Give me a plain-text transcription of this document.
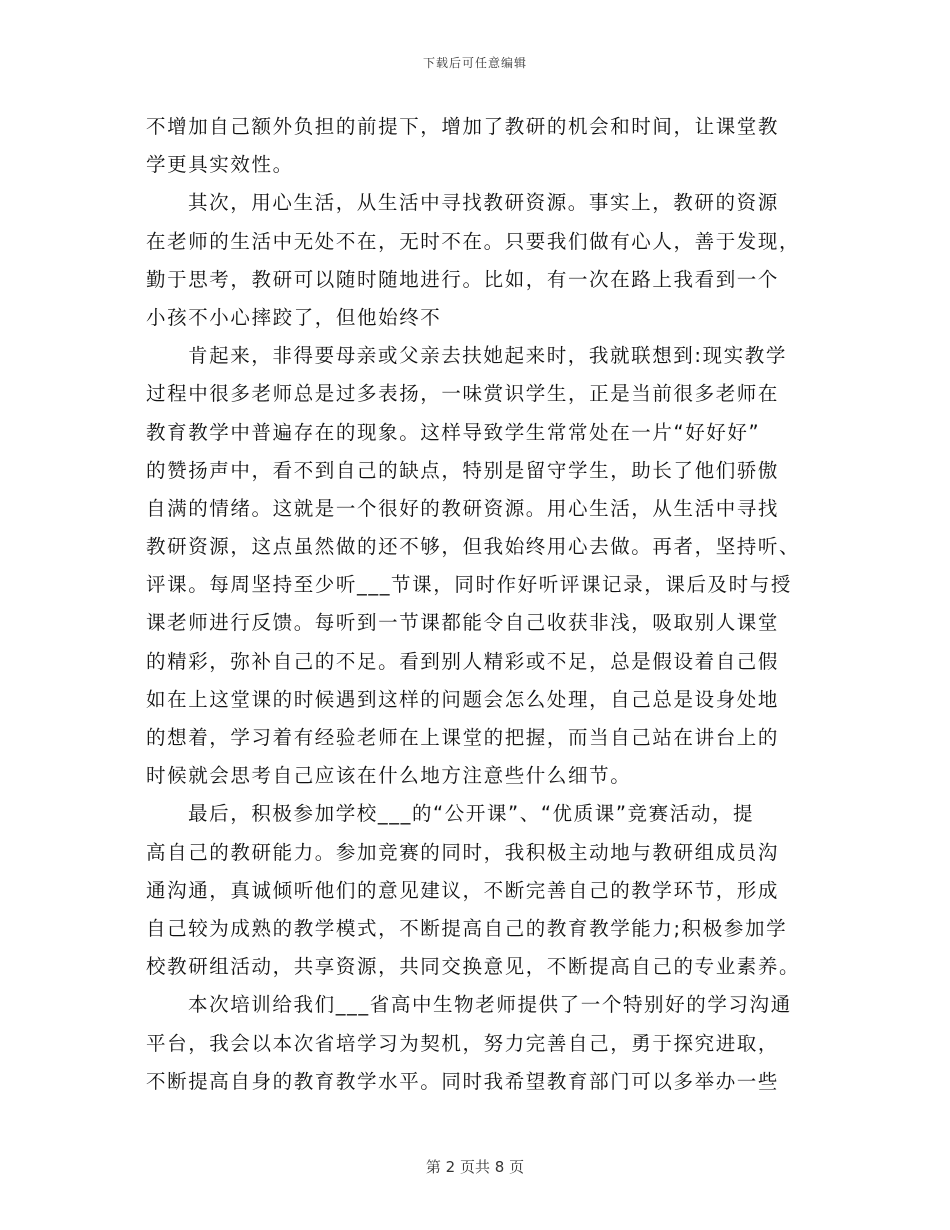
下载后可任意编辑
不增加自己额外负担的前提下，增加了教研的机会和时间，让课堂教
学更具实效性。
其次，用心生活，从生活中寻找教研资源。事实上，教研的资源
在老师的生活中无处不在，无时不在。只要我们做有心人，善于发现，
勤于思考，教研可以随时随地进行。比如，有一次在路上我看到一个
小孩不小心摔跤了，但他始终不
肯起来，非得要母亲或父亲去扶她起来时，我就联想到:现实教学
过程中很多老师总是过多表扬，一味赏识学生，正是当前很多老师在
教育教学中普遍存在的现象。这样导致学生常常处在一片“好好好”
的赞扬声中，看不到自己的缺点，特别是留守学生，助长了他们骄傲
自满的情绪。这就是一个很好的教研资源。用心生活，从生活中寻找
教研资源，这点虽然做的还不够，但我始终用心去做。再者，坚持听、
评课。每周坚持至少听___节课，同时作好听评课记录，课后及时与授
课老师进行反馈。每听到一节课都能令自己收获非浅，吸取别人课堂
的精彩，弥补自己的不足。看到别人精彩或不足，总是假设着自己假
如在上这堂课的时候遇到这样的问题会怎么处理，自己总是设身处地
的想着，学习着有经验老师在上课堂的把握，而当自己站在讲台上的
时候就会思考自己应该在什么地方注意些什么细节。
最后，积极参加学校___的“公开课”、“优质课”竞赛活动，提
高自己的教研能力。参加竞赛的同时，我积极主动地与教研组成员沟
通沟通，真诚倾听他们的意见建议，不断完善自己的教学环节，形成
自己较为成熟的教学模式，不断提高自己的教育教学能力;积极参加学
校教研组活动，共享资源，共同交换意见，不断提高自己的专业素养。
本次培训给我们___省高中生物老师提供了一个特别好的学习沟通
平台，我会以本次省培学习为契机，努力完善自己，勇于探究进取，
不断提高自身的教育教学水平。同时我希望教育部门可以多举办一些
第 2 页共 8 页
